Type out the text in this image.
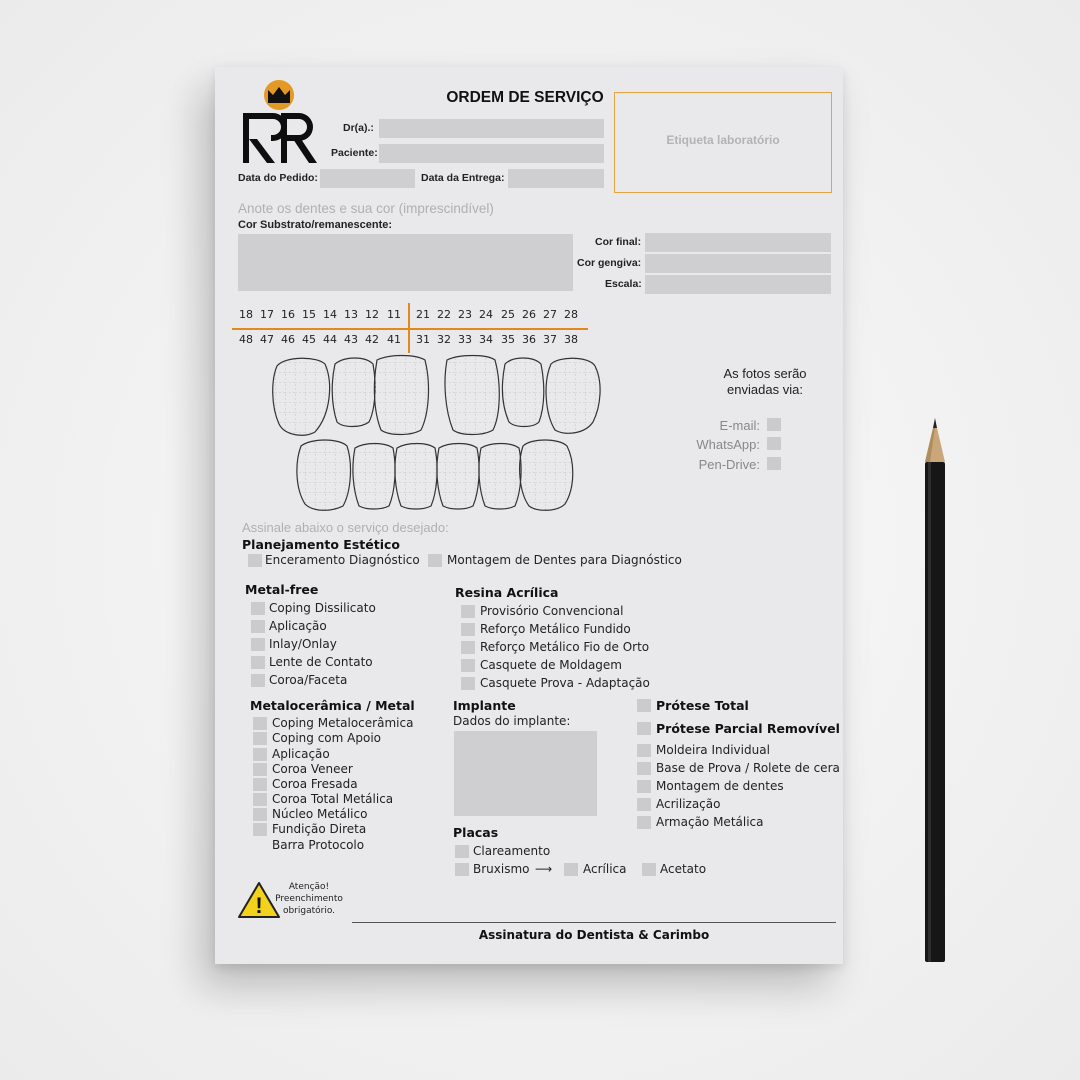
ORDEM DE SERVIÇO
Dr(a).:
Paciente:
Data do Pedido:	Data da Entrega:
Etiqueta laboratório
Anote os dentes e sua cor (imprescindível)
Cor Substrato/remanescente:
Cor final:
Cor gengiva:
Escala:
18 17 16 15 14 13 12 11 21 22 23 24 25 26 27 28
48 47 46 45 44 43 42 41 31 32 33 34 35 36 37 38
As fotos serão
enviadas via:
E-mail:
WhatsApp:
Pen-Drive:
Assinale abaixo o serviço desejado:
Planejamento Estético
Enceramento Diagnóstico Montagem de Dentes para Diagnóstico
Metal-free
Coping Dissilicato
Aplicação
Inlay/Onlay
Lente de Contato
Coroa/Faceta
Resina Acrílica
Provisório Convencional
Reforço Metálico Fundido
Reforço Metálico Fio de Orto
Casquete de Moldagem
Casquete Prova - Adaptação
Metalocerâmica / Metal
Coping Metalocerâmica
Coping com Apoio
Aplicação
Coroa Veneer
Coroa Fresada
Coroa Total Metálica
Núcleo Metálico
Fundição Direta
Barra Protocolo
Implante
Dados do implante:
Prótese Total
Prótese Parcial Removível
Moldeira Individual
Base de Prova / Rolete de cera
Montagem de dentes
Acrilização
Armação Metálica
Placas
Clareamento
Bruxismo ⟶	Acrílica	Acetato
!
Atenção!
Preenchimento
obrigatório.
Assinatura do Dentista & Carimbo
